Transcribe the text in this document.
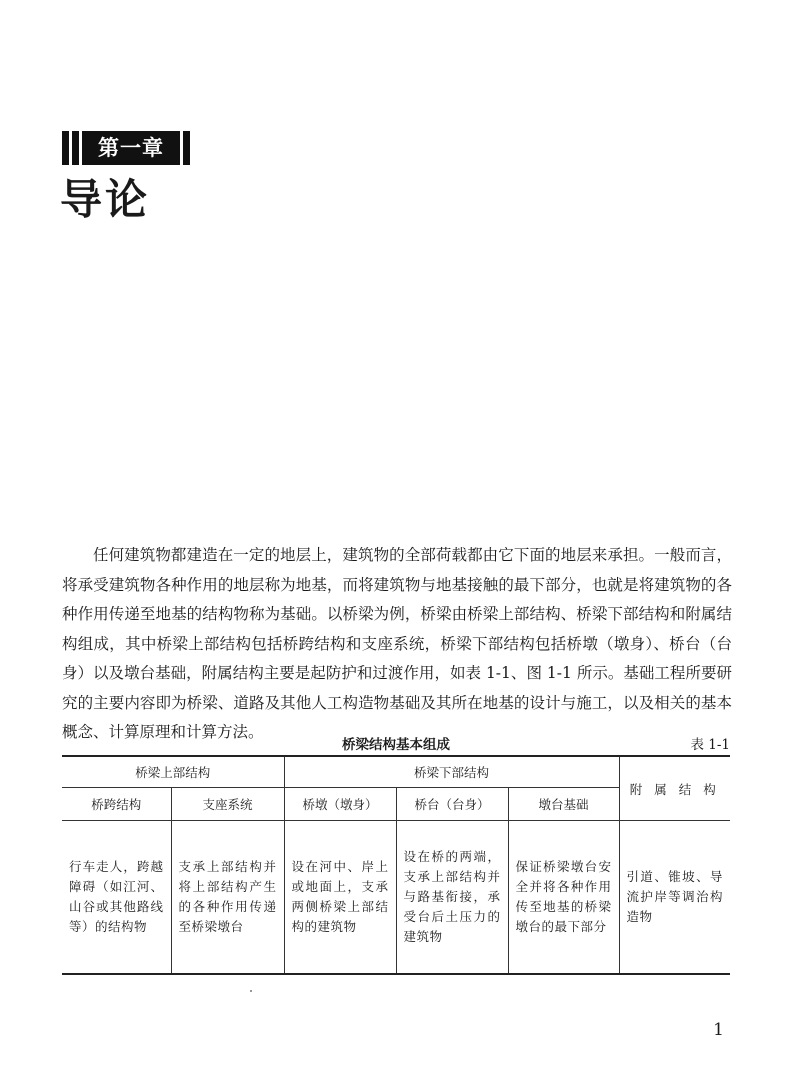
第一章
导论

任何建筑物都建造在一定的地层上，建筑物的全部荷载都由它下面的地层来承担。一般而言，将承受建筑物各种作用的地层称为地基，而将建筑物与地基接触的最下部分，也就是将建筑物的各种作用传递至地基的结构物称为基础。以桥梁为例，桥梁由桥梁上部结构、桥梁下部结构和附属结构组成，其中桥梁上部结构包括桥跨结构和支座系统，桥梁下部结构包括桥墩（墩身）、桥台（台身）以及墩台基础，附属结构主要是起防护和过渡作用，如表 1-1、图 1-1 所示。基础工程所要研究的主要内容即为桥梁、道路及其他人工构造物基础及其所在地基的设计与施工，以及相关的基本概念、计算原理和计算方法。

桥梁结构基本组成	表 1-1
桥梁上部结构		桥梁下部结构			附 属 结 构
桥跨结构	支座系统	桥墩（墩身）	桥台（台身）	墩台基础	
行车走人，跨越障碍（如江河、山谷或其他路线等）的结构物	支承上部结构并将上部结构产生的各种作用传递至桥梁墩台	设在河中、岸上或地面上，支承两侧桥梁上部结构的建筑物	设在桥的两端，支承上部结构并与路基衔接，承受台后土压力的建筑物	保证桥梁墩台安全并将各种作用传至地基的桥梁墩台的最下部分	引道、锥坡、导流护岸等调治构造物
1
